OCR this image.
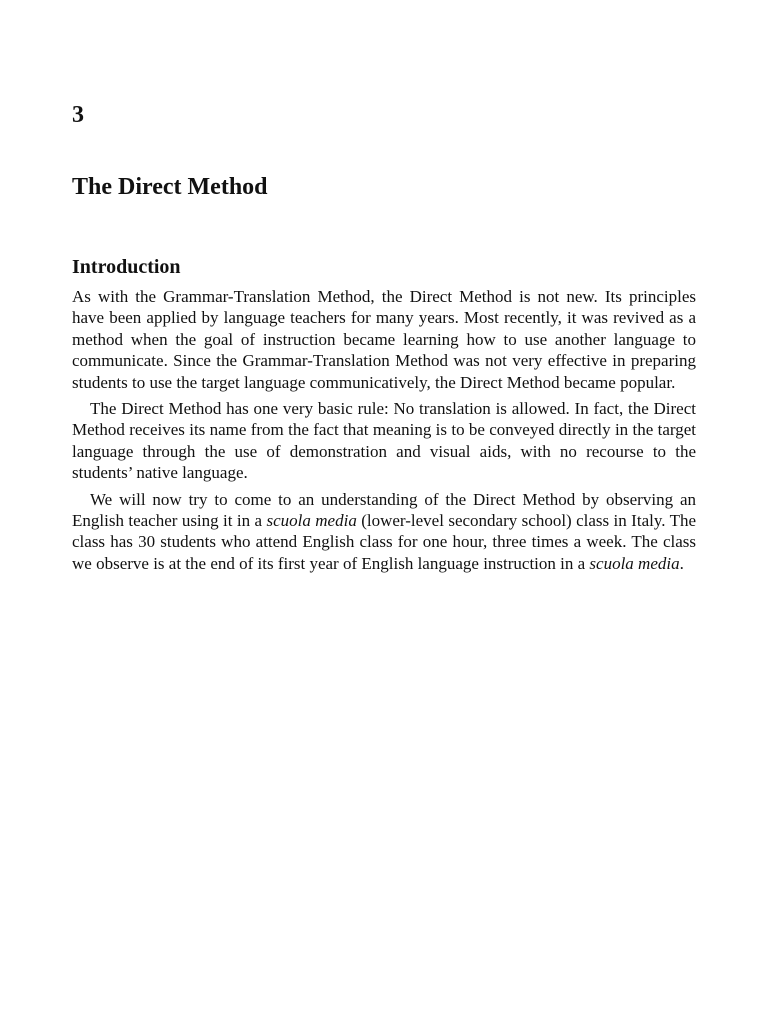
3
The Direct Method
Introduction

As with the Grammar-Translation Method, the Direct Method is not new. Its principles have been applied by language teachers for many years. Most recently, it was revived as a method when the goal of instruction became learning how to use another language to communicate. Since the Grammar-Translation Method was not very effective in preparing students to use the target language communicatively, the Direct Method became popular.

The Direct Method has one very basic rule: No translation is allowed. In fact, the Direct Method receives its name from the fact that meaning is to be conveyed directly in the target language through the use of demonstration and visual aids, with no recourse to the students’ native language.

We will now try to come to an understanding of the Direct Method by observing an English teacher using it in a scuola media (lower-level secondary school) class in Italy. The class has 30 students who attend English class for one hour, three times a week. The class we observe is at the end of its first year of English language instruction in a scuola media.
